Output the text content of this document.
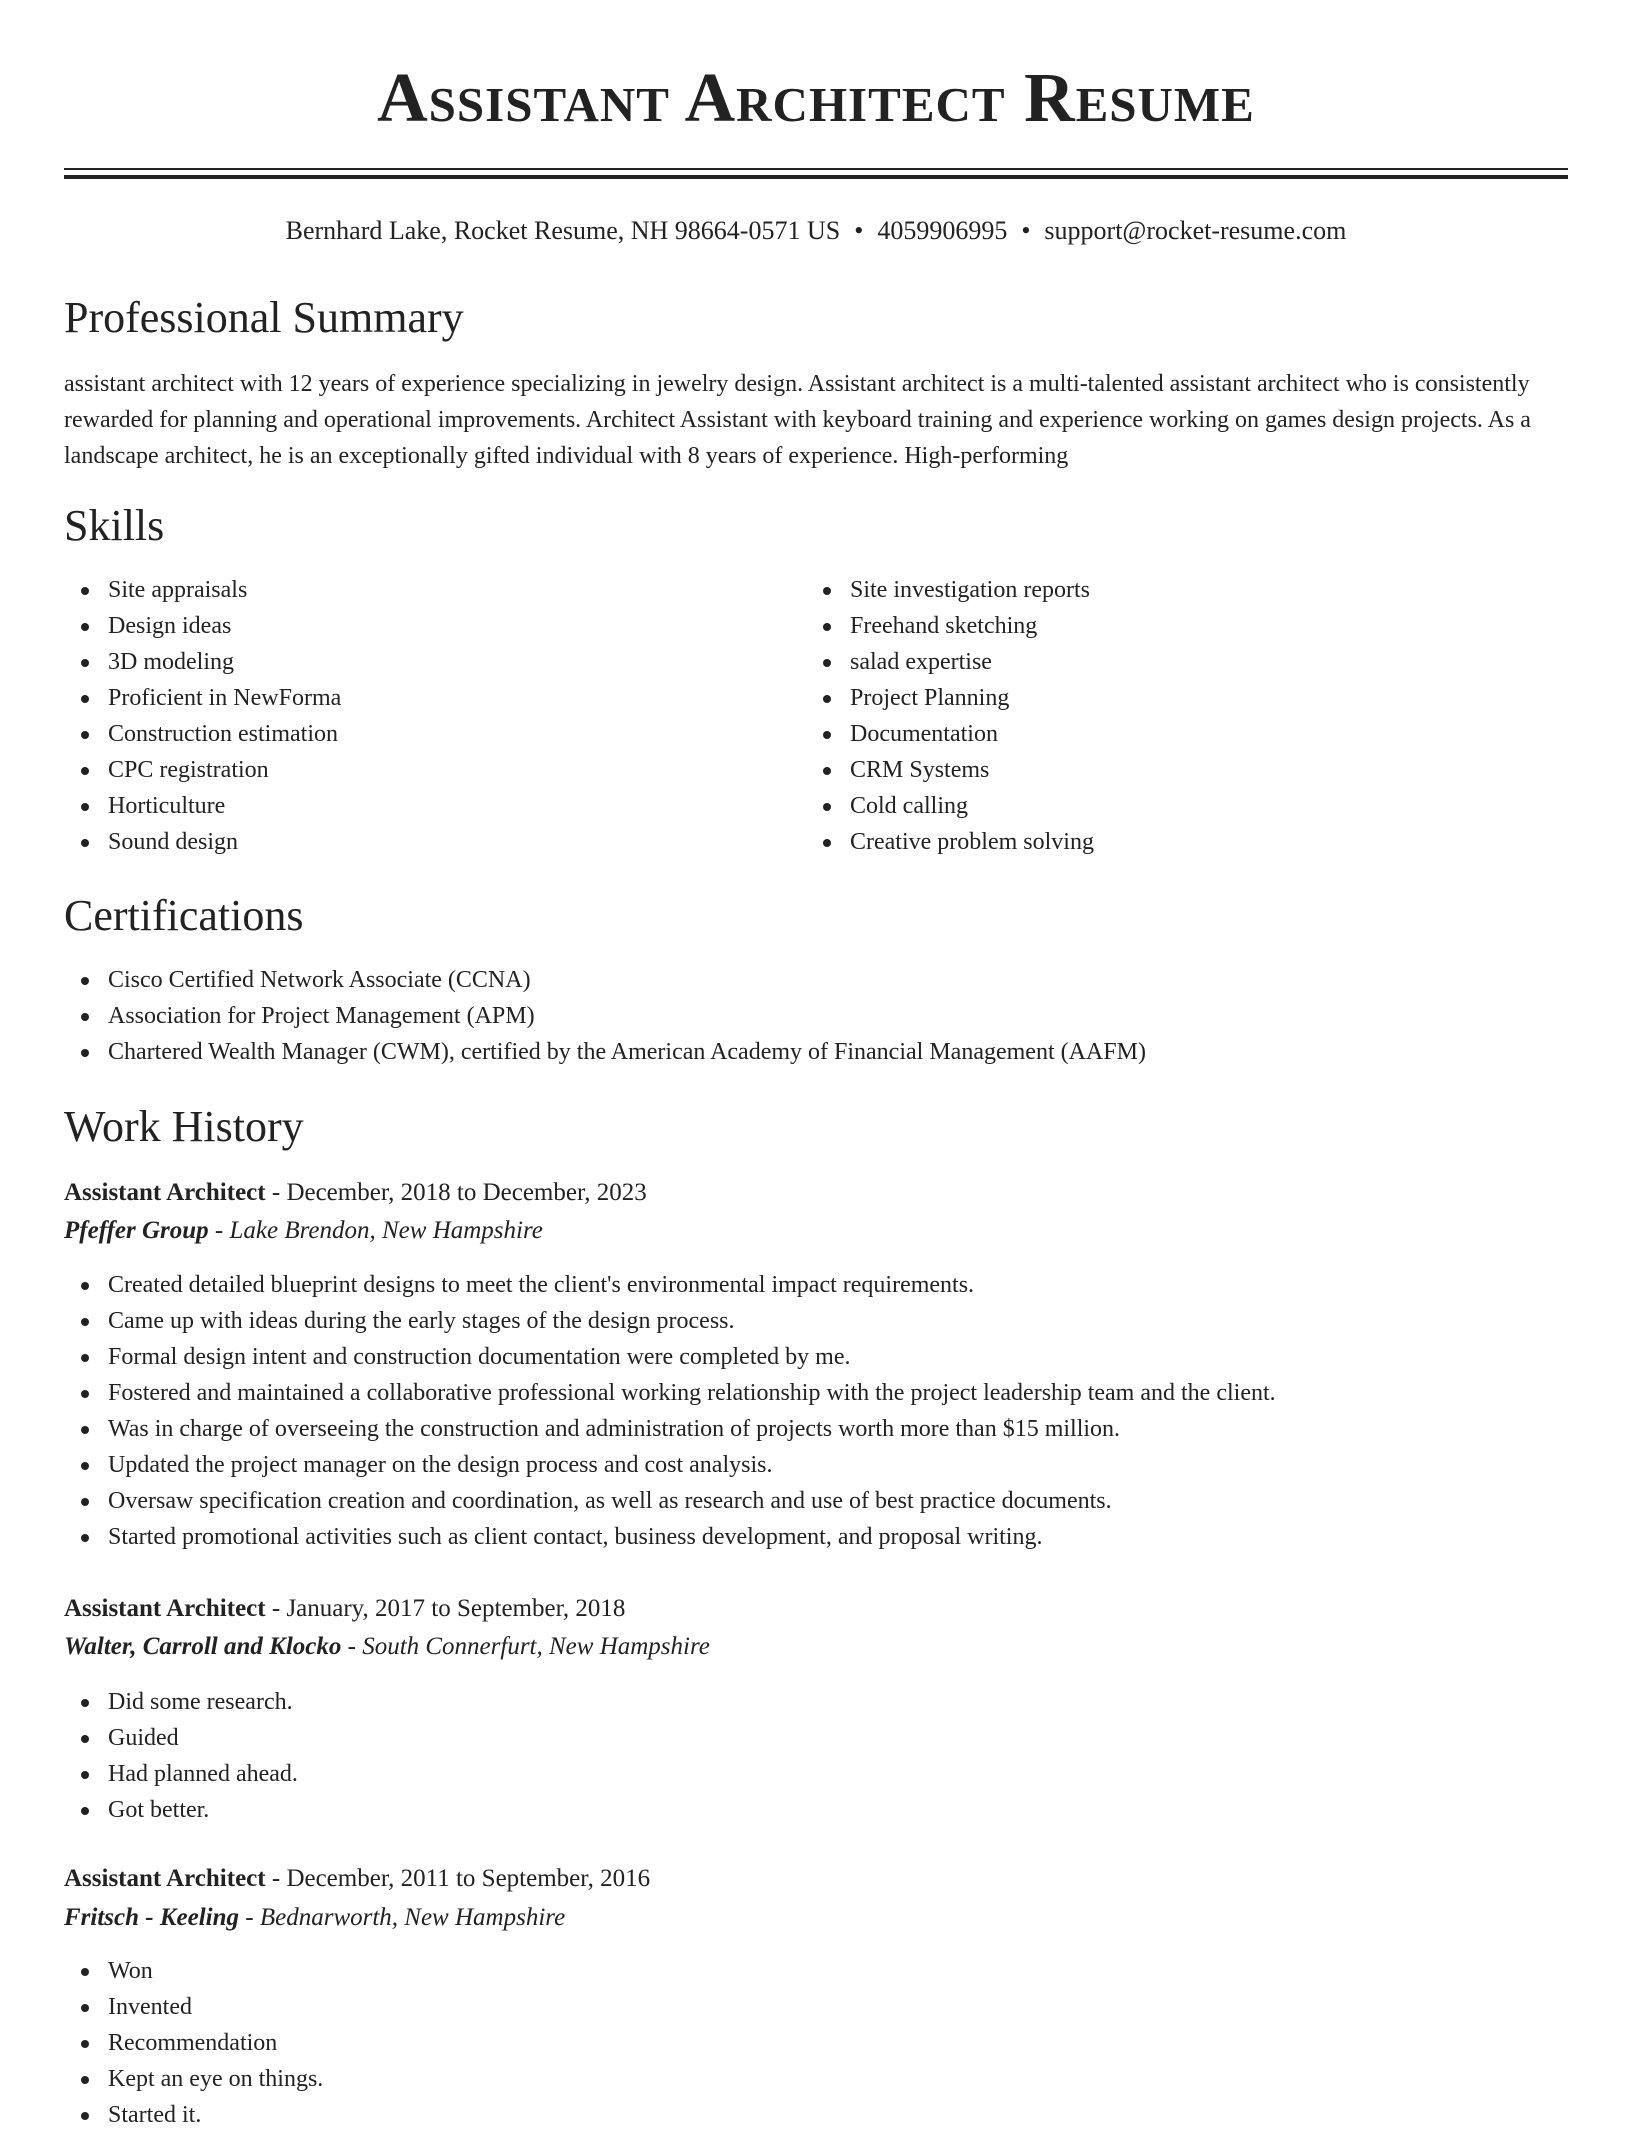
Assistant Architect Resume
Bernhard Lake, Rocket Resume, NH 98664-0571 US • 4059906995 • support@rocket-resume.com
Professional Summary

assistant architect with 12 years of experience specializing in jewelry design. Assistant architect is a multi-talented assistant architect who is consistently rewarded for planning and operational improvements. Architect Assistant with keyboard training and experience working on games design projects. As a landscape architect, he is an exceptionally gifted individual with 8 years of experience. High-performing

Skills
Site appraisals
Design ideas
3D modeling
Proficient in NewForma
Construction estimation
CPC registration
Horticulture
Sound design
Site investigation reports
Freehand sketching
salad expertise
Project Planning
Documentation
CRM Systems
Cold calling
Creative problem solving
Certifications
Cisco Certified Network Associate (CCNA)
Association for Project Management (APM)
Chartered Wealth Manager (CWM), certified by the American Academy of Financial Management (AAFM)
Work History
Assistant Architect - December, 2018 to December, 2023
Pfeffer Group - Lake Brendon, New Hampshire
Created detailed blueprint designs to meet the client's environmental impact requirements.
Came up with ideas during the early stages of the design process.
Formal design intent and construction documentation were completed by me.
Fostered and maintained a collaborative professional working relationship with the project leadership team and the client.
Was in charge of overseeing the construction and administration of projects worth more than $15 million.
Updated the project manager on the design process and cost analysis.
Oversaw specification creation and coordination, as well as research and use of best practice documents.
Started promotional activities such as client contact, business development, and proposal writing.
Assistant Architect - January, 2017 to September, 2018
Walter, Carroll and Klocko - South Connerfurt, New Hampshire
Did some research.
Guided
Had planned ahead.
Got better.
Assistant Architect - December, 2011 to September, 2016
Fritsch - Keeling - Bednarworth, New Hampshire
Won
Invented
Recommendation
Kept an eye on things.
Started it.
